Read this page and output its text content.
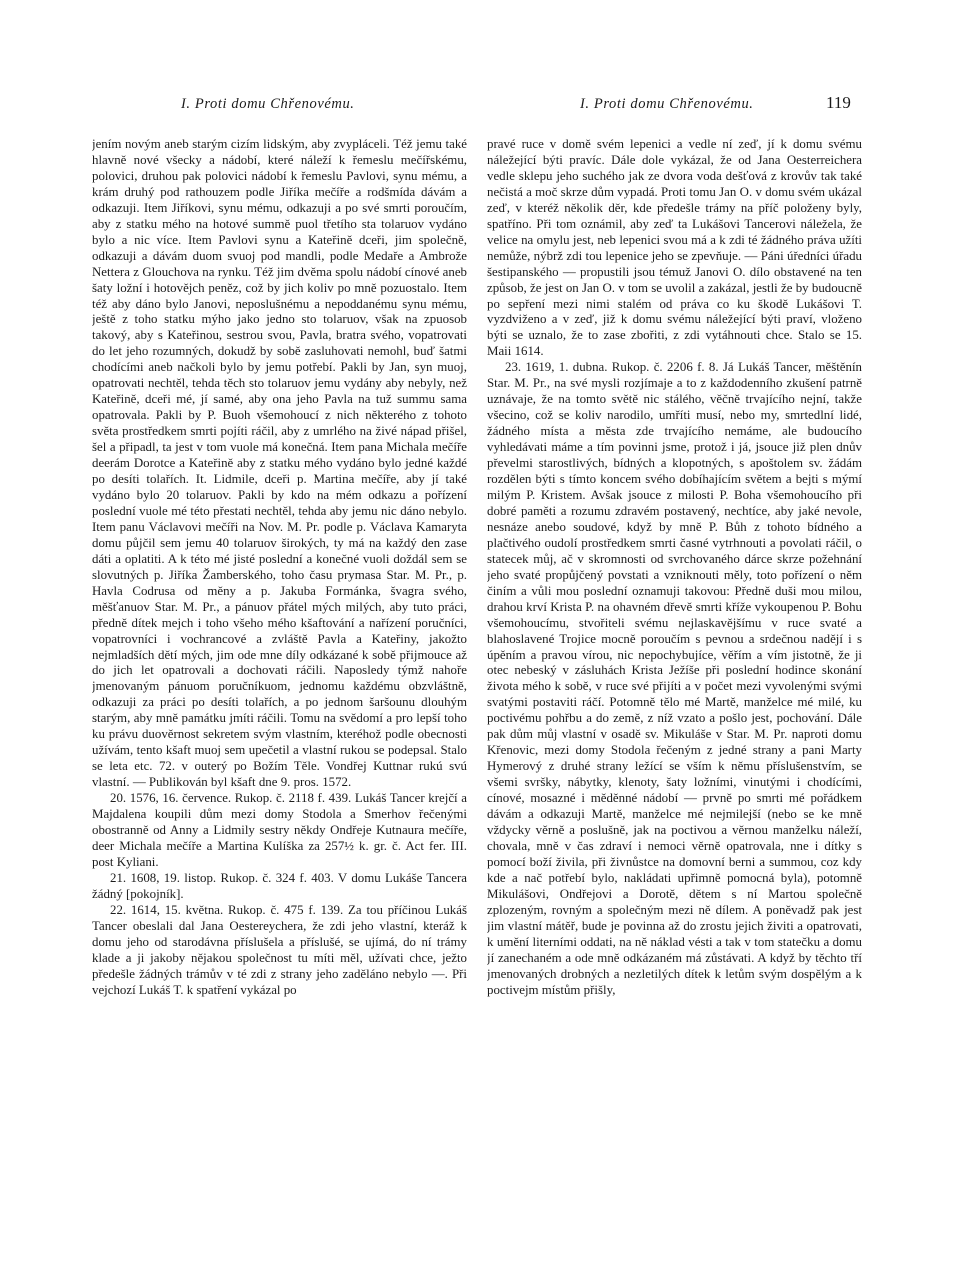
I. Proti domu Chřenovému.	I. Proti domu Chřenovému.	119

jením novým aneb starým cizím lidským, aby zvypláceli. Též jemu také hlavně nové všecky a nádobí, které náleží k řemeslu mečířskému, polovici, druhou pak polovici nádobí k řemeslu Pavlovi, synu mému, a krám druhý pod rathouzem podle Jiříka mečíře a rodšmída dávám a odkazuji. Item Jiříkovi, synu mému, odkazuji a po své smrti poroučím, aby z statku mého na hotové summě puol třetího sta tolaruov vydáno bylo a nic více. Item Pavlovi synu a Kateřině dceři, jim společně, odkazuji a dávám duom svuoj pod mandli, podle Medaře a Ambrože Nettera z Glouchova na rynku. Též jim dvěma spolu nádobí cínové aneb šaty ložní i hotovějch peněz, což by jich koliv po mně pozuostalo. Item též aby dáno bylo Janovi, neposlušnému a nepoddanému synu mému, ještě z toho statku mýho jako jedno sto tolaruov, však na zpuosob takový, aby s Kateřinou, sestrou svou, Pavla, bratra svého, vopatrovati do let jeho rozumných, dokudž by sobě zasluhovati nemohl, buď šatmi chodícími aneb načkoli bylo by jemu potřebí. Pakli by Jan, syn muoj, opatrovati nechtěl, tehda těch sto tolaruov jemu vydány aby nebyly, než Kateřině, dceři mé, jí samé, aby ona jeho Pavla na tuž summu sama opatrovala. Pakli by P. Buoh všemohoucí z nich některého z tohoto světa prostředkem smrti pojíti ráčil, aby z umrlého na živé nápad přišel, šel a připadl, ta jest v tom vuole má konečná. Item pana Michala mečíře deerám Dorotce a Kateřině aby z statku mého vydáno bylo jedné každé po desíti tolařích. It. Lidmile, dceři p. Martina mečíře, aby jí také vydáno bylo 20 tolaruov. Pakli by kdo na mém odkazu a pořízení poslední vuole mé této přestati nechtěl, tehda aby jemu nic dáno nebylo. Item panu Václavovi mečíři na Nov. M. Pr. podle p. Václava Kamaryta domu půjčil sem jemu 40 tolaruov širokých, ty má na každý den zase dáti a oplatiti. A k této mé jisté poslední a konečné vuoli doždál sem se slovutných p. Jiříka Žamberského, toho času prymasa Star. M. Pr., p. Havla Codrusa od měny a p. Jakuba Formánka, švagra svého, měšťanuov Star. M. Pr., a pánuov přátel mých milých, aby tuto práci, předně dítek mejch i toho všeho mého kšaftování a nařízení poručníci, vopatrovníci i vochrancové a zvláště Pavla a Kateřiny, jakožto nejmladších dětí mých, jim ode mne díly odkázané k sobě přijmouce až do jich let opatrovali a dochovati ráčili. Naposledy týmž nahoře jmenovaným pánuom poručníkuom, jednomu každému obzvláštně, odkazuji za práci po desíti tolařích, a po jednom šaršounu dlouhým starým, aby mně památku jmíti ráčili. Tomu na svědomí a pro lepší toho ku právu duověrnost sekretem svým vlastním, kteréhož podle obecnosti užívám, tento kšaft muoj sem upečetil a vlastní rukou se podepsal. Stalo se leta etc. 72. v outerý po Božím Těle. Vondřej Kuttnar rukú svú vlastní. — Publikován byl kšaft dne 9. pros. 1572.

20. 1576, 16. července. Rukop. č. 2118 f. 439. Lukáš Tancer krejčí a Majdalena koupili dům mezi domy Stodola a Smerhov řečenými obostranně od Anny a Lidmily sestry někdy Ondřeje Kutnaura mečíře, deer Michala mečíře a Martina Kulíška za 257½ k. gr. č. Act fer. III. post Kyliani.

21. 1608, 19. listop. Rukop. č. 324 f. 403. V domu Lukáše Tancera žádný [pokojník].

22. 1614, 15. května. Rukop. č. 475 f. 139. Za tou příčinou Lukáš Tancer obeslali dal Jana Oestereychera, že zdi jeho vlastní, kteráž k domu jeho od starodávna příslušela a příslušé, se ujímá, do ní trámy klade a ji jakoby nějakou společnost tu míti měl, užívati chce, ježto předešle žádných trámův v té zdi z strany jeho zaděláno nebylo —. Při vejchozí Lukáš T. k spatření vykázal po

pravé ruce v domě svém lepenici a vedle ní zeď, jí k domu svému náležející býti pravíc. Dále dole vykázal, že od Jana Oesterreichera vedle sklepu jeho suchého jak ze dvora voda dešťová z krovův tak také nečistá a moč skrze dům vypadá. Proti tomu Jan O. v domu svém ukázal zeď, v kteréž několik děr, kde předešle trámy na příč položeny byly, spatříno. Při tom oznámil, aby zeď ta Lukášovi Tancerovi náležela, že velice na omylu jest, neb lepenici svou má a k zdi té žádného práva užíti nemůže, nýbrž zdi tou lepenice jeho se zpevňuje. — Páni úředníci úřadu šestipanského — propustili jsou témuž Janovi O. dílo obstavené na ten způsob, že jest on Jan O. v tom se uvolil a zakázal, jestli že by budoucně po sepření mezi nimi stalém od práva co ku škodě Lukášovi T. vyzdviženo a v zeď, již k domu svému náležející býti praví, vloženo býti se uznalo, že to zase zbořiti, z zdi vytáhnouti chce. Stalo se 15. Maii 1614.

23. 1619, 1. dubna. Rukop. č. 2206 f. 8. Já Lukáš Tancer, měštěnín Star. M. Pr., na své mysli rozjímaje a to z každodenního zkušení patrně uznávaje, že na tomto světě nic stálého, věčně trvajícího nejní, takže všecino, což se koliv narodilo, umříti musí, nebo my, smrtedlní lidé, žádného místa a města zde trvajícího nemáme, ale budoucího vyhledávati máme a tím povinni jsme, protož i já, jsouce již plen dnův převelmi starostlivých, bídných a klopotných, s apoštolem sv. žádám rozdělen býti s tímto koncem svého dobíhajícím světem a bejti s mýmí milým P. Kristem. Avšak jsouce z milosti P. Boha všemohoucího při dobré paměti a rozumu zdravém postavený, nechtíce, aby jaké nevole, nesnáze anebo soudové, když by mně P. Bůh z tohoto bídného a plačtivého oudolí prostředkem smrti časné vytrhnouti a povolati ráčil, o statecek můj, ač v skromnosti od svrchovaného dárce skrze požehnání jeho svaté propůjčený povstati a vzniknouti měly, toto pořízení o něm činím a vůli mou poslední oznamuji takovou: Předně duši mou milou, drahou krví Krista P. na ohavném dřevě smrti kříže vykoupenou P. Bohu všemohoucímu, stvořiteli svému nejlaskavějšímu v ruce svaté a blahoslavené Trojice mocně poroučím s pevnou a srdečnou nadějí i s úpěním a pravou vírou, nic nepochybujíce, věřím a vím jistotně, že ji otec nebeský v zásluhách Krista Ježíše při poslední hodince skonání života mého k sobě, v ruce své přijíti a v počet mezi vyvolenými svými svatými postaviti ráčí. Potomně tělo mé Martě, manželce mé milé, ku poctivému pohřbu a do země, z níž vzato a pošlo jest, pochování. Dále pak dům můj vlastní v osadě sv. Mikuláše v Star. M. Pr. naproti domu Křenovic, mezi domy Stodola řečeným z jedné strany a pani Marty Hymerový z druhé strany ležící se vším k němu příslušenstvím, se všemi svršky, nábytky, klenoty, šaty ložními, vinutými i chodícími, cínové, mosazné i měděnné nádobí — prvně po smrti mé pořádkem dávám a odkazuji Martě, manželce mé nejmilejší (nebo se ke mně vždycky věrně a poslušně, jak na poctivou a věrnou manželku náleží, chovala, mně v čas zdraví i nemoci věrně opatrovala, nne i dítky s pomocí boží živila, při živnůstce na domovní berni a summou, coz kdy kde a nač potřebí bylo, nakládati upřimně pomocná byla), potomně Mikulášovi, Ondřejovi a Dorotě, dětem s ní Martou společně zplozeným, rovným a společným mezi ně dílem. A poněvadž pak jest jim vlastní mátěř, bude je povinna až do zrostu jejich živiti a opatrovati, k umění literními oddati, na ně náklad vésti a tak v tom statečku a domu jí zanechaném a ode mně odkázaném má zůstávati. A když by těchto tří jmenovaných drobných a nezletilých dítek k letům svým dospělým a k poctivejm místům přišly,
